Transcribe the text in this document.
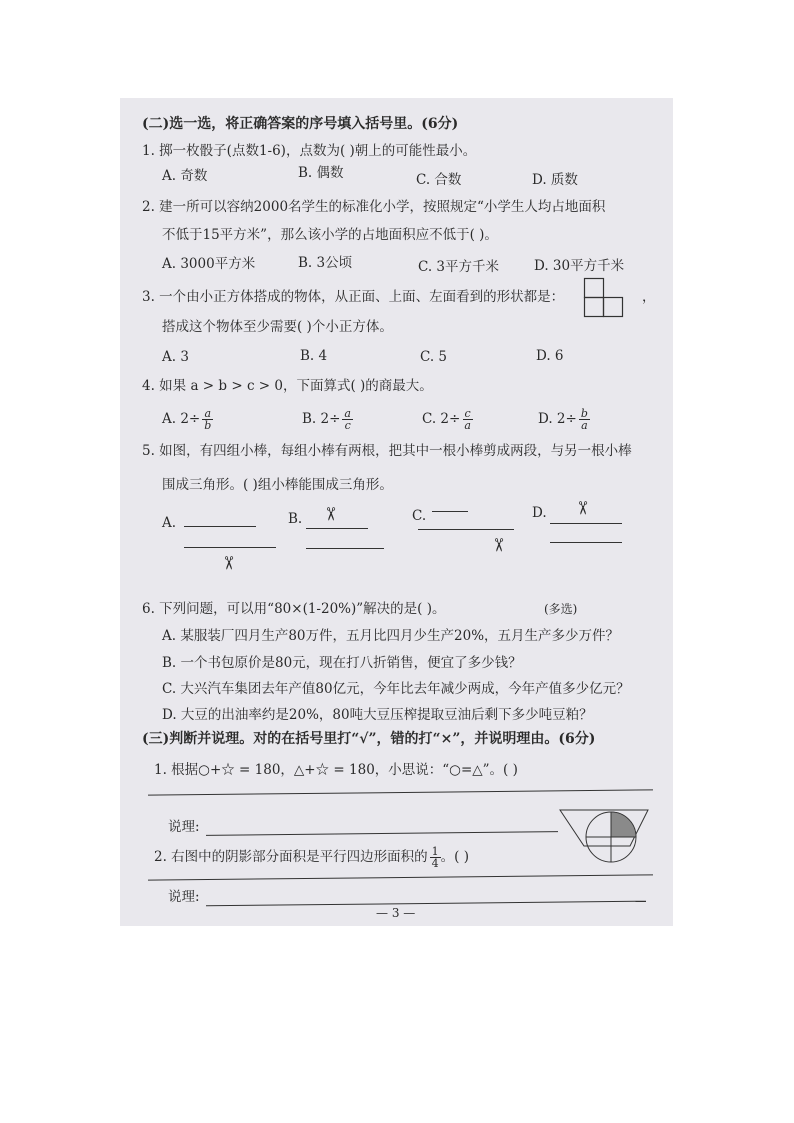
(二)选一选，将正确答案的序号填入括号里。(6分)
1. 掷一枚骰子(点数1-6)，点数为( )朝上的可能性最小。
A. 奇数	B. 偶数	C. 合数	D. 质数
2. 建一所可以容纳2000名学生的标准化小学，按照规定“小学生人均占地面积
不低于15平方米”，那么该小学的占地面积应不低于( )。
A. 3000平方米	B. 3公顷	C. 3平方千米	D. 30平方千米
3. 一个由小正方体搭成的物体，从正面、上面、左面看到的形状都是：	，
搭成这个物体至少需要( )个小正方体。
A. 3	B. 4	C. 5	D. 6
4. 如果 a > b > c > 0，下面算式( )的商最大。
A. $2\div \frac{a}{b}$	B. $2\div \frac{a}{c}$	C. $2\div \frac{c}{a}$	D. $2\div \frac{b}{a}$
5. 如图，有四组小棒，每组小棒有两根，把其中一根小棒剪成两段，与另一根小棒
围成三角形。( )组小棒能围成三角形。
A.
✂
B. ✂	C.
✂
D. ✂
6. 下列问题，可以用“80×(1-20%)”解决的是( )。	(多选)
A. 某服装厂四月生产80万件，五月比四月少生产20%，五月生产多少万件？
B. 一个书包原价是80元，现在打八折销售，便宜了多少钱？
C. 大兴汽车集团去年产值80亿元，今年比去年减少两成，今年产值多少亿元？
D. 大豆的出油率约是20%，80吨大豆压榨提取豆油后剩下多少吨豆粕？
(三)判断并说理。对的在括号里打“√”，错的打“×”，并说明理由。(6分)
1. 根据○+☆ = 180，△+☆ = 180，小思说：“○=△”。( )
说理:
2. 右图中的阴影部分面积是平行四边形面积的 $\frac{1}{4}$ 。( )
说理:
— 3 —
